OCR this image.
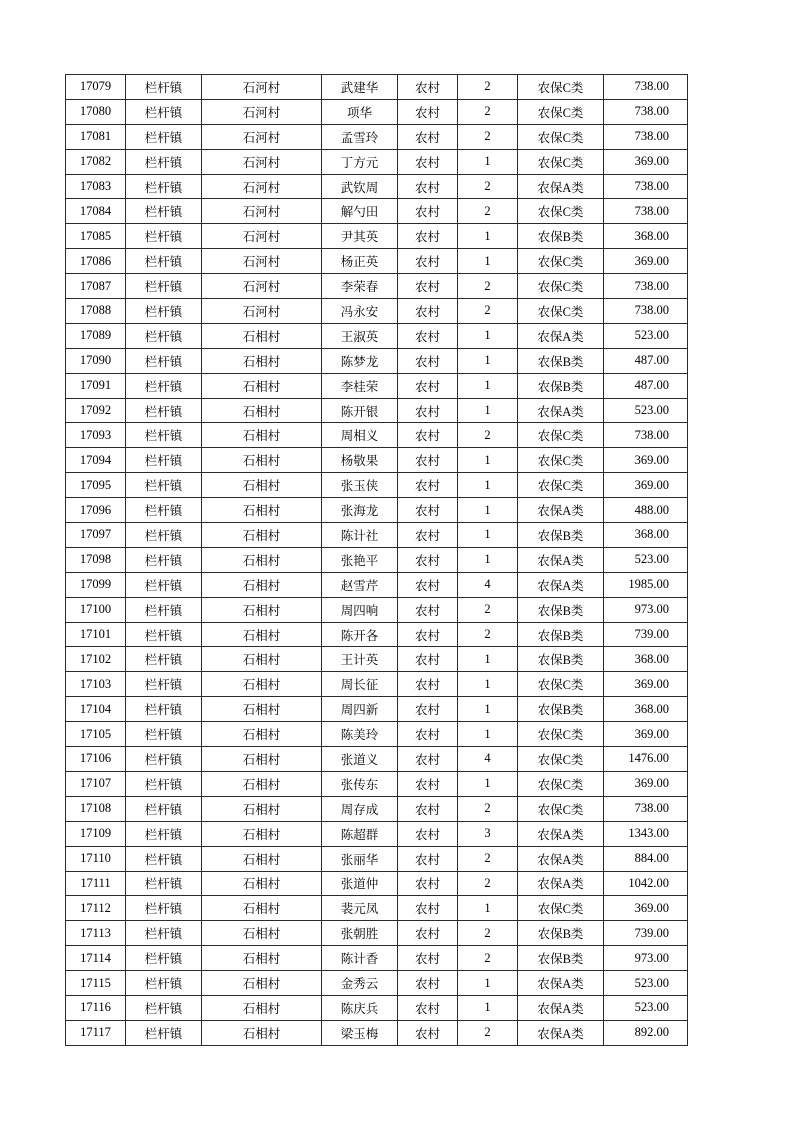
17079	栏杆镇	石河村	武建华	农村	2	农保C类	738.00
17080	栏杆镇	石河村	项华	农村	2	农保C类	738.00
17081	栏杆镇	石河村	孟雪玲	农村	2	农保C类	738.00
17082	栏杆镇	石河村	丁方元	农村	1	农保C类	369.00
17083	栏杆镇	石河村	武钦周	农村	2	农保A类	738.00
17084	栏杆镇	石河村	解勺田	农村	2	农保C类	738.00
17085	栏杆镇	石河村	尹其英	农村	1	农保B类	368.00
17086	栏杆镇	石河村	杨正英	农村	1	农保C类	369.00
17087	栏杆镇	石河村	李荣春	农村	2	农保C类	738.00
17088	栏杆镇	石河村	冯永安	农村	2	农保C类	738.00
17089	栏杆镇	石相村	王淑英	农村	1	农保A类	523.00
17090	栏杆镇	石相村	陈梦龙	农村	1	农保B类	487.00
17091	栏杆镇	石相村	李桂荣	农村	1	农保B类	487.00
17092	栏杆镇	石相村	陈开银	农村	1	农保A类	523.00
17093	栏杆镇	石相村	周相义	农村	2	农保C类	738.00
17094	栏杆镇	石相村	杨敬果	农村	1	农保C类	369.00
17095	栏杆镇	石相村	张玉侠	农村	1	农保C类	369.00
17096	栏杆镇	石相村	张海龙	农村	1	农保A类	488.00
17097	栏杆镇	石相村	陈计社	农村	1	农保B类	368.00
17098	栏杆镇	石相村	张艳平	农村	1	农保A类	523.00
17099	栏杆镇	石相村	赵雪芹	农村	4	农保A类	1985.00
17100	栏杆镇	石相村	周四响	农村	2	农保B类	973.00
17101	栏杆镇	石相村	陈开各	农村	2	农保B类	739.00
17102	栏杆镇	石相村	王计英	农村	1	农保B类	368.00
17103	栏杆镇	石相村	周长征	农村	1	农保C类	369.00
17104	栏杆镇	石相村	周四新	农村	1	农保B类	368.00
17105	栏杆镇	石相村	陈美玲	农村	1	农保C类	369.00
17106	栏杆镇	石相村	张道义	农村	4	农保C类	1476.00
17107	栏杆镇	石相村	张传东	农村	1	农保C类	369.00
17108	栏杆镇	石相村	周存成	农村	2	农保C类	738.00
17109	栏杆镇	石相村	陈超群	农村	3	农保A类	1343.00
17110	栏杆镇	石相村	张丽华	农村	2	农保A类	884.00
17111	栏杆镇	石相村	张道仲	农村	2	农保A类	1042.00
17112	栏杆镇	石相村	裴元凤	农村	1	农保C类	369.00
17113	栏杆镇	石相村	张朝胜	农村	2	农保B类	739.00
17114	栏杆镇	石相村	陈计香	农村	2	农保B类	973.00
17115	栏杆镇	石相村	金秀云	农村	1	农保A类	523.00
17116	栏杆镇	石相村	陈庆兵	农村	1	农保A类	523.00
17117	栏杆镇	石相村	梁玉梅	农村	2	农保A类	892.00
